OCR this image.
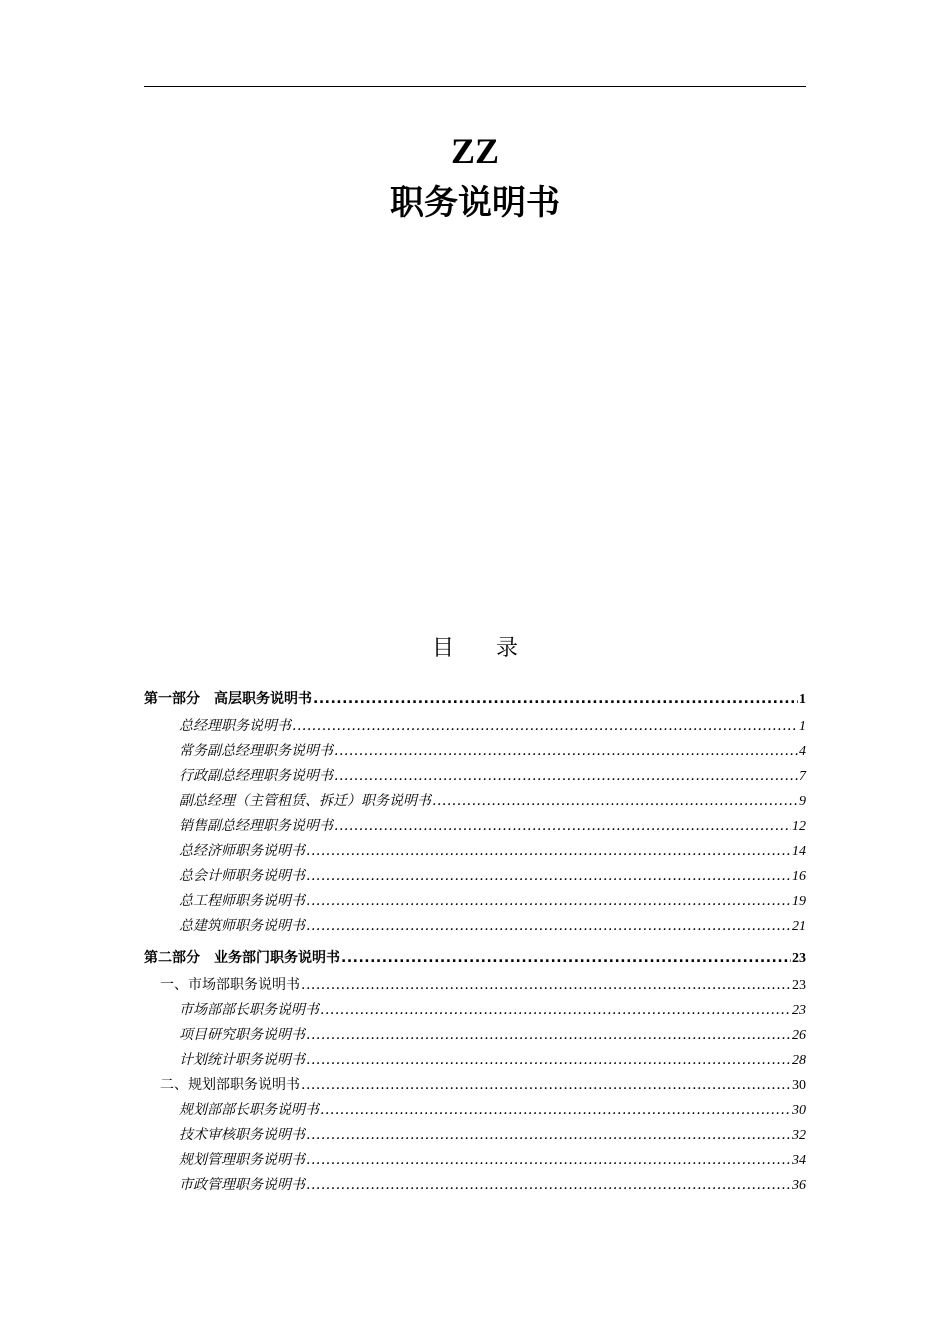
ZZ
职务说明书
目录
第一部分　高层职务说明书 .....	1
总经理职务说明书 .....	1
常务副总经理职务说明书 .....	4
行政副总经理职务说明书 .....	7
副总经理（主管租赁、拆迁）职务说明书 .....	9
销售副总经理职务说明书 .....	12
总经济师职务说明书 .....	14
总会计师职务说明书 .....	16
总工程师职务说明书 .....	19
总建筑师职务说明书 .....	21
第二部分　业务部门职务说明书 .....	23
一、市场部职务说明书 .....	23
市场部部长职务说明书 .....	23
项目研究职务说明书 .....	26
计划统计职务说明书 .....	28
二、规划部职务说明书 .....	30
规划部部长职务说明书 .....	30
技术审核职务说明书 .....	32
规划管理职务说明书 .....	34
市政管理职务说明书 .....	36
